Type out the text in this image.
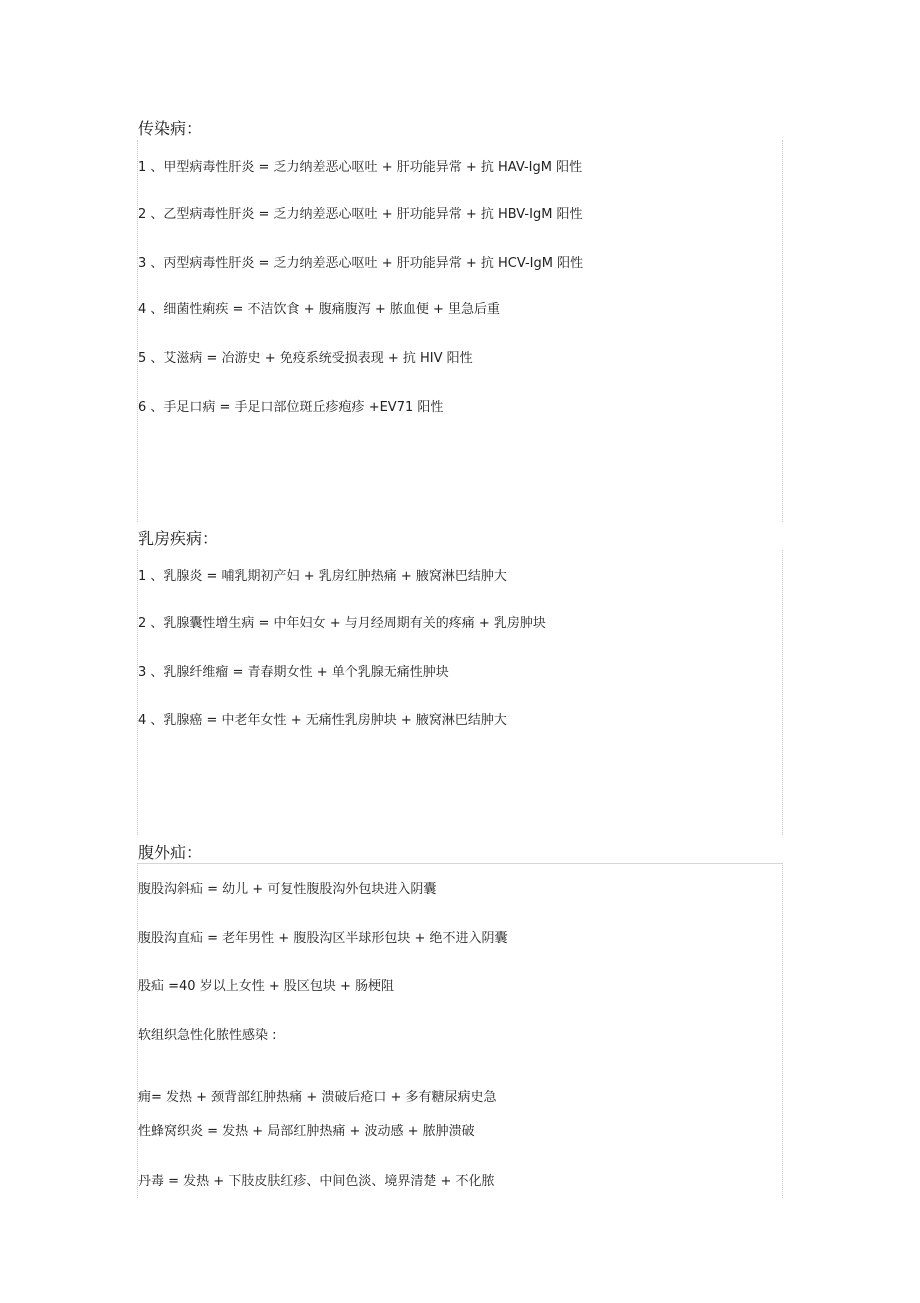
传染病：
1 、甲型病毒性肝炎 = 乏力纳差恶心呕吐 + 肝功能异常 + 抗 HAV-IgM 阳性
2 、乙型病毒性肝炎 = 乏力纳差恶心呕吐 + 肝功能异常 + 抗 HBV-IgM 阳性
3 、丙型病毒性肝炎 = 乏力纳差恶心呕吐 + 肝功能异常 + 抗 HCV-IgM 阳性
4 、细菌性痢疾 = 不洁饮食 + 腹痛腹泻 + 脓血便 + 里急后重
5 、艾滋病 = 冶游史 + 免疫系统受损表现 + 抗 HIV 阳性
6 、手足口病 = 手足口部位斑丘疹疱疹 +EV71 阳性
乳房疾病：
1 、乳腺炎 = 哺乳期初产妇 + 乳房红肿热痛 + 腋窝淋巴结肿大
2 、乳腺囊性增生病 = 中年妇女 + 与月经周期有关的疼痛 + 乳房肿块
3 、乳腺纤维瘤 = 青春期女性 + 单个乳腺无痛性肿块
4 、乳腺癌 = 中老年女性 + 无痛性乳房肿块 + 腋窝淋巴结肿大
腹外疝：
腹股沟斜疝 = 幼儿 + 可复性腹股沟外包块进入阴囊
腹股沟直疝 = 老年男性 + 腹股沟区半球形包块 + 绝不进入阴囊
股疝 =40 岁以上女性 + 股区包块 + 肠梗阻
软组织急性化脓性感染 :
痈= 发热 + 颈背部红肿热痛 + 溃破后疮口 + 多有糖尿病史急
性蜂窝织炎 = 发热 + 局部红肿热痛 + 波动感 + 脓肿溃破
丹毒 = 发热 + 下肢皮肤红疹、中间色淡、境界清楚 + 不化脓
